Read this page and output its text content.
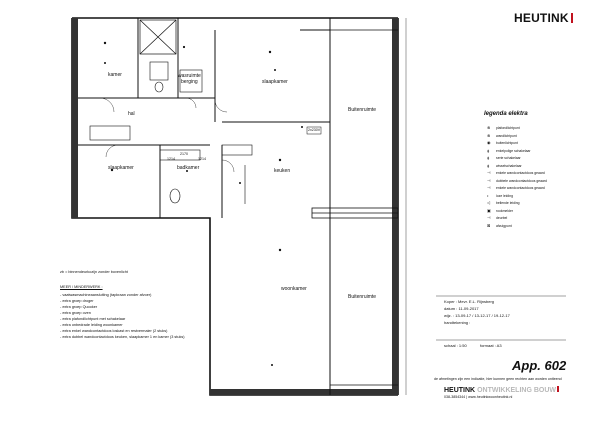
kamer	wasruimte
berging
hal
slaapkamer
slaapkamer	badkamer	keuken
woonkamer
Buitenruimte
Buitenruimte
2170
1214
1214
2x230V
zb = binnendeurkozijn zonder bovenlicht
MEER / MINDERWERK :
- vaatwasmachineaansluiting (tapkraan zonder afvoer)
- extra groep droger
- extra groep Quooker
- extra groep oven
- extra plafondlichtpunt met schakelaar
- extra onbedrade leiding woonkamer
- extra enkel wandcontactdoos loskast en restvermaier (2 stuks)
- extra dubbel wandcontactdoos keuken, slaapkamer 1 en kamer (3 stuks)
HEUTINK
legenda elektra
⊗ plafondlichtpunt
⊗ wandlichtpunt
◉ buitenlichtpunt
ϕ enkelpolige schakelaar
ϕ serie schakelaar
ϕ wisselschakelaar
⊣ enkele wandcontactdoos geaard
⊣ dubbele wandcontactdoos geaard
⊣ enkele wandcontactdoos geaard
• loze leiding
◁ bellende leiding
▣ rookmelder
⊣ deurbel
⊠ afzuigpunt
Koper : Mevr. E.L. Rijnsberg
datum : 11-09-2017
wijz. : 13-09-17 / 13-12-17 / 19-12-17
handtekening :
schaal : 1:50	formaat : A3
App. 602
de afmetingen zijn een indicatie, hier kunnen geen rechten aan worden ontleend
HEUTINK ONTWIKKELING BOUW
038-3854344 | www.heutinkwoonheutink.nl
